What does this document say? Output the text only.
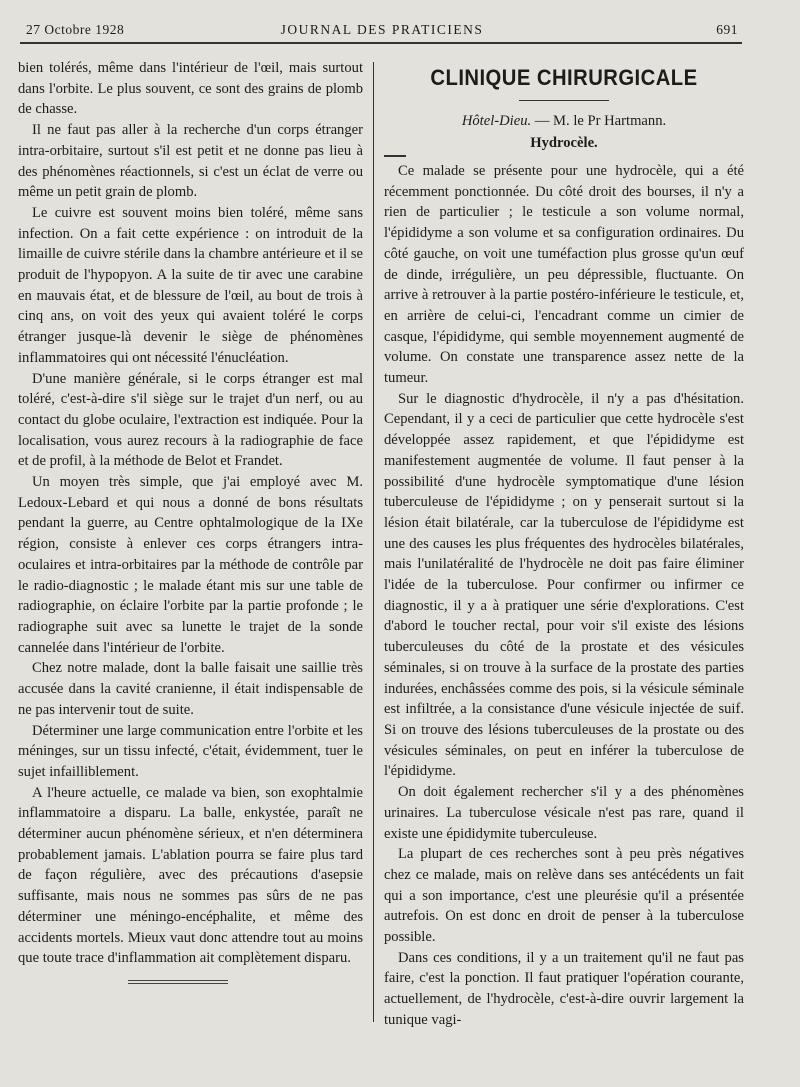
27 Octobre 1928	JOURNAL DES PRATICIENS	691

bien tolérés, même dans l'intérieur de l'œil, mais surtout dans l'orbite. Le plus souvent, ce sont des grains de plomb de chasse.

Il ne faut pas aller à la recherche d'un corps étranger intra-orbitaire, surtout s'il est petit et ne donne pas lieu à des phénomènes réactionnels, si c'est un éclat de verre ou même un petit grain de plomb.

Le cuivre est souvent moins bien toléré, même sans infection. On a fait cette expérience : on introduit de la limaille de cuivre stérile dans la chambre antérieure et il se produit de l'hypopyon. A la suite de tir avec une carabine en mauvais état, et de blessure de l'œil, au bout de trois à cinq ans, on voit des yeux qui avaient toléré le corps étranger jusque-là devenir le siège de phénomènes inflammatoires qui ont nécessité l'énucléation.

D'une manière générale, si le corps étranger est mal toléré, c'est-à-dire s'il siège sur le trajet d'un nerf, ou au contact du globe oculaire, l'extraction est indiquée. Pour la localisation, vous aurez recours à la radiographie de face et de profil, à la méthode de Belot et Frandet.

Un moyen très simple, que j'ai employé avec M. Ledoux-Lebard et qui nous a donné de bons résultats pendant la guerre, au Centre ophtalmologique de la IXe région, consiste à enlever ces corps étrangers intra-oculaires et intra-orbitaires par la méthode de contrôle par le radio-diagnostic ; le malade étant mis sur une table de radiographie, on éclaire l'orbite par la partie profonde ; le radiographe suit avec sa lunette le trajet de la sonde cannelée dans l'intérieur de l'orbite.

Chez notre malade, dont la balle faisait une saillie très accusée dans la cavité cranienne, il était indispensable de ne pas intervenir tout de suite.

Déterminer une large communication entre l'orbite et les méninges, sur un tissu infecté, c'était, évidemment, tuer le sujet infailliblement.

A l'heure actuelle, ce malade va bien, son exophtalmie inflammatoire a disparu. La balle, enkystée, paraît ne déterminer aucun phénomène sérieux, et n'en déterminera probablement jamais. L'ablation pourra se faire plus tard de façon régulière, avec des précautions d'asepsie suffisante, mais nous ne sommes pas sûrs de ne pas déterminer une méningo-encéphalite, et même des accidents mortels. Mieux vaut donc attendre tout au moins que toute trace d'inflammation ait complètement disparu.

CLINIQUE CHIRURGICALE
Hôtel-Dieu. — M. le Pr Hartmann.
Hydrocèle.

Ce malade se présente pour une hydrocèle, qui a été récemment ponctionnée. Du côté droit des bourses, il n'y a rien de particulier ; le testicule a son volume normal, l'épididyme a son volume et sa configuration ordinaires. Du côté gauche, on voit une tuméfaction plus grosse qu'un œuf de dinde, irrégulière, un peu dépressible, fluctuante. On arrive à retrouver à la partie postéro-inférieure le testicule, et, en arrière de celui-ci, l'encadrant comme un cimier de casque, l'épididyme, qui semble moyennement augmenté de volume. On constate une transparence assez nette de la tumeur.

Sur le diagnostic d'hydrocèle, il n'y a pas d'hésitation. Cependant, il y a ceci de particulier que cette hydrocèle s'est développée assez rapidement, et que l'épididyme est manifestement augmentée de volume. Il faut penser à la possibilité d'une hydrocèle symptomatique d'une lésion tuberculeuse de l'épididyme ; on y penserait surtout si la lésion était bilatérale, car la tuberculose de l'épididyme est une des causes les plus fréquentes des hydrocèles bilatérales, mais l'unilatéralité de l'hydrocèle ne doit pas faire éliminer l'idée de la tuberculose. Pour confirmer ou infirmer ce diagnostic, il y a à pratiquer une série d'explorations. C'est d'abord le toucher rectal, pour voir s'il existe des lésions tuberculeuses du côté de la prostate et des vésicules séminales, si on trouve à la surface de la prostate des parties indurées, enchâssées comme des pois, si la vésicule séminale est infiltrée, a la consistance d'une vésicule injectée de suif. Si on trouve des lésions tuberculeuses de la prostate ou des vésicules séminales, on peut en inférer la tuberculose de l'épididyme.

On doit également rechercher s'il y a des phénomènes urinaires. La tuberculose vésicale n'est pas rare, quand il existe une épididymite tuberculeuse.

La plupart de ces recherches sont à peu près négatives chez ce malade, mais on relève dans ses antécédents un fait qui a son importance, c'est une pleurésie qu'il a présentée autrefois. On est donc en droit de penser à la tuberculose possible.

Dans ces conditions, il y a un traitement qu'il ne faut pas faire, c'est la ponction. Il faut pratiquer l'opération courante, actuellement, de l'hydrocèle, c'est-à-dire ouvrir largement la tunique vagi-
